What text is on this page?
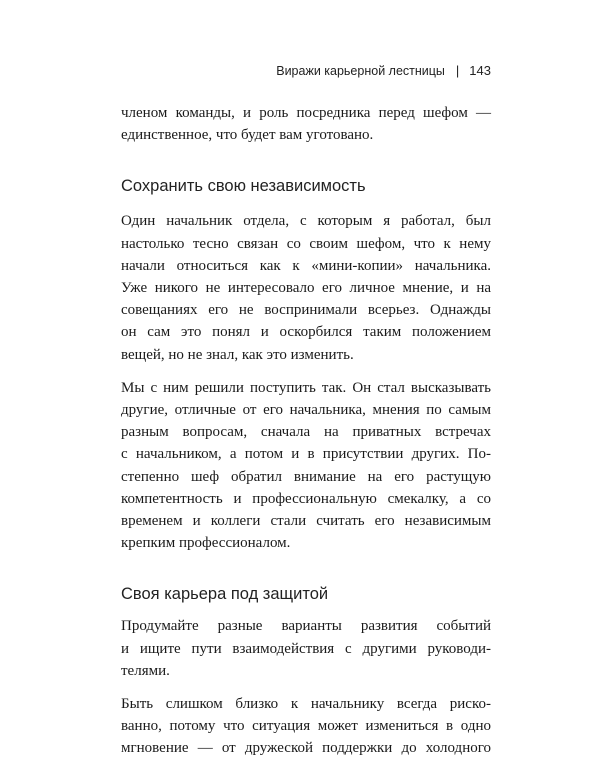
Виражи карьерной лестницы | 143

членом команды, и роль посредника перед шефом —
единственное, что будет вам уготовано.

Сохранить свою независимость

Один начальник отдела, с которым я работал, был
настолько тесно связан со своим шефом, что к нему
начали относиться как к «мини-копии» начальника.
Уже никого не интересовало его личное мнение, и на
совещаниях его не воспринимали всерьез. Однажды
он сам это понял и оскорбился таким положением
вещей, но не знал, как это изменить.

Мы с ним решили поступить так. Он стал высказывать
другие, отличные от его начальника, мнения по самым
разным вопросам, сначала на приватных встречах
с начальником, а потом и в присутствии других. По-
степенно шеф обратил внимание на его растущую
компетентность и профессиональную смекалку, а со
временем и коллеги стали считать его независимым
крепким профессионалом.

Своя карьера под защитой

Продумайте разные варианты развития событий
и ищите пути взаимодействия с другими руководи-
телями.

Быть слишком близко к начальнику всегда риско-
ванно, потому что ситуация может измениться в одно
мгновение — от дружеской поддержки до холодного
